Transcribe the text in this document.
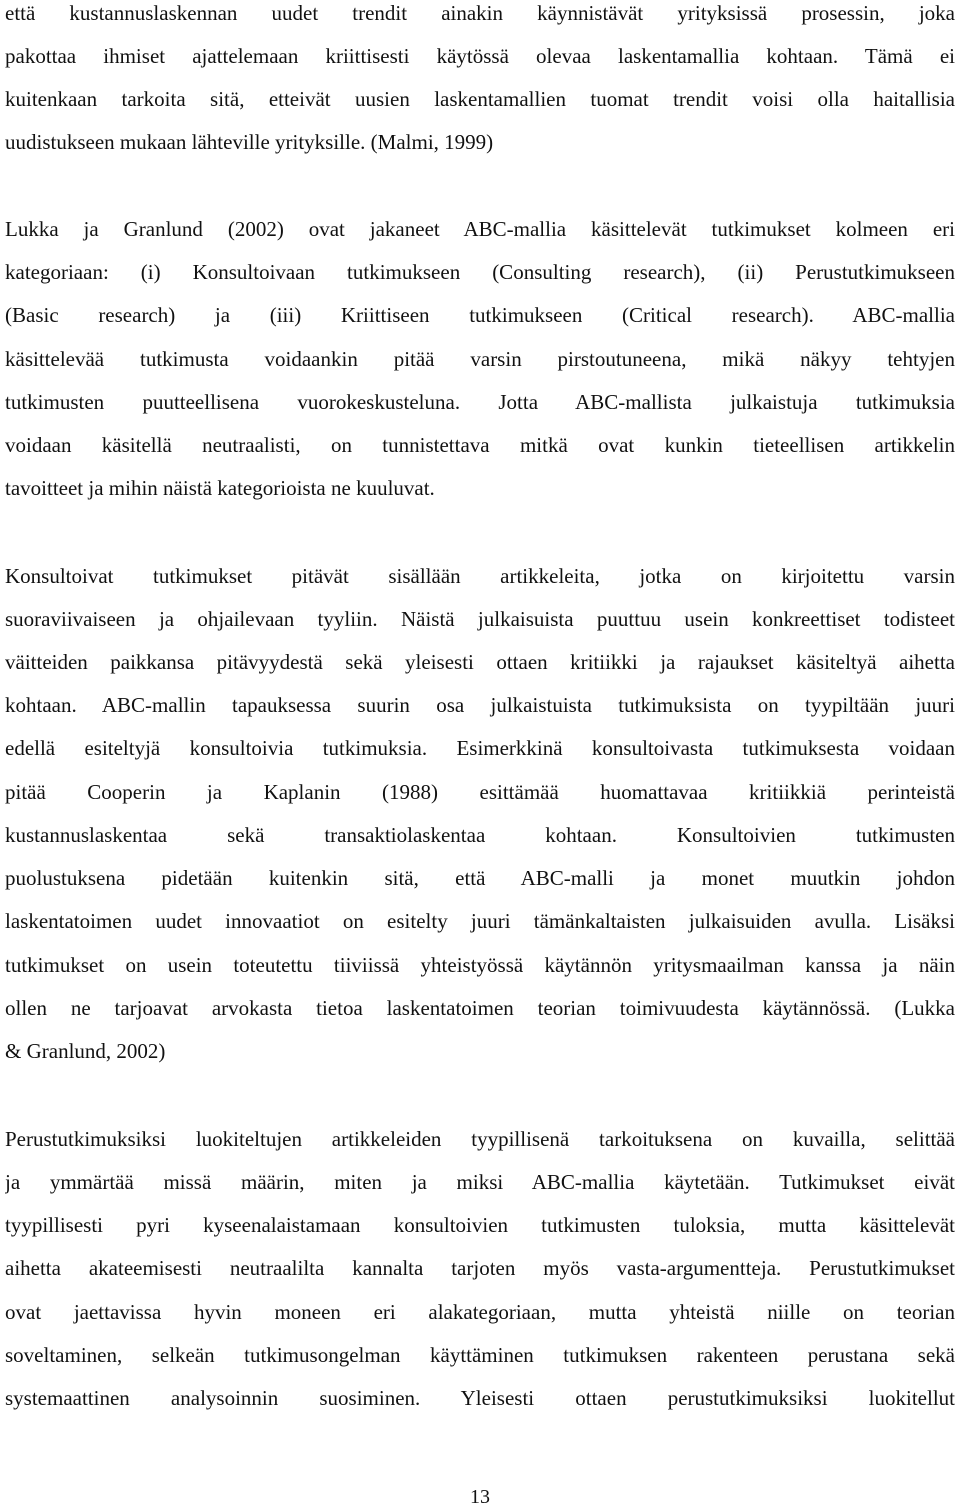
että kustannuslaskennan uudet trendit ainakin käynnistävät yrityksissä prosessin, joka
pakottaa ihmiset ajattelemaan kriittisesti käytössä olevaa laskentamallia kohtaan. Tämä ei
kuitenkaan tarkoita sitä, etteivät uusien laskentamallien tuomat trendit voisi olla haitallisia
uudistukseen mukaan lähteville yrityksille. (Malmi, 1999)
Lukka ja Granlund (2002) ovat jakaneet ABC-mallia käsittelevät tutkimukset kolmeen eri
kategoriaan: (i) Konsultoivaan tutkimukseen (Consulting research), (ii) Perustutkimukseen
(Basic research) ja (iii) Kriittiseen tutkimukseen (Critical research). ABC-mallia
käsittelevää tutkimusta voidaankin pitää varsin pirstoutuneena, mikä näkyy tehtyjen
tutkimusten puutteellisena vuorokeskusteluna. Jotta ABC-mallista julkaistuja tutkimuksia
voidaan käsitellä neutraalisti, on tunnistettava mitkä ovat kunkin tieteellisen artikkelin
tavoitteet ja mihin näistä kategorioista ne kuuluvat.
Konsultoivat tutkimukset pitävät sisällään artikkeleita, jotka on kirjoitettu varsin
suoraviivaiseen ja ohjailevaan tyyliin. Näistä julkaisuista puuttuu usein konkreettiset todisteet
väitteiden paikkansa pitävyydestä sekä yleisesti ottaen kritiikki ja rajaukset käsiteltyä aihetta
kohtaan. ABC-mallin tapauksessa suurin osa julkaistuista tutkimuksista on tyypiltään juuri
edellä esiteltyjä konsultoivia tutkimuksia. Esimerkkinä konsultoivasta tutkimuksesta voidaan
pitää Cooperin ja Kaplanin (1988) esittämää huomattavaa kritiikkiä perinteistä
kustannuslaskentaa sekä transaktiolaskentaa kohtaan. Konsultoivien tutkimusten
puolustuksena pidetään kuitenkin sitä, että ABC-malli ja monet muutkin johdon
laskentatoimen uudet innovaatiot on esitelty juuri tämänkaltaisten julkaisuiden avulla. Lisäksi
tutkimukset on usein toteutettu tiiviissä yhteistyössä käytännön yritysmaailman kanssa ja näin
ollen ne tarjoavat arvokasta tietoa laskentatoimen teorian toimivuudesta käytännössä. (Lukka
& Granlund, 2002)
Perustutkimuksiksi luokiteltujen artikkeleiden tyypillisenä tarkoituksena on kuvailla, selittää
ja ymmärtää missä määrin, miten ja miksi ABC-mallia käytetään. Tutkimukset eivät
tyypillisesti pyri kyseenalaistamaan konsultoivien tutkimusten tuloksia, mutta käsittelevät
aihetta akateemisesti neutraalilta kannalta tarjoten myös vasta-argumentteja. Perustutkimukset
ovat jaettavissa hyvin moneen eri alakategoriaan, mutta yhteistä niille on teorian
soveltaminen, selkeän tutkimusongelman käyttäminen tutkimuksen rakenteen perustana sekä
systemaattinen analysoinnin suosiminen. Yleisesti ottaen perustutkimuksiksi luokitellut
13
